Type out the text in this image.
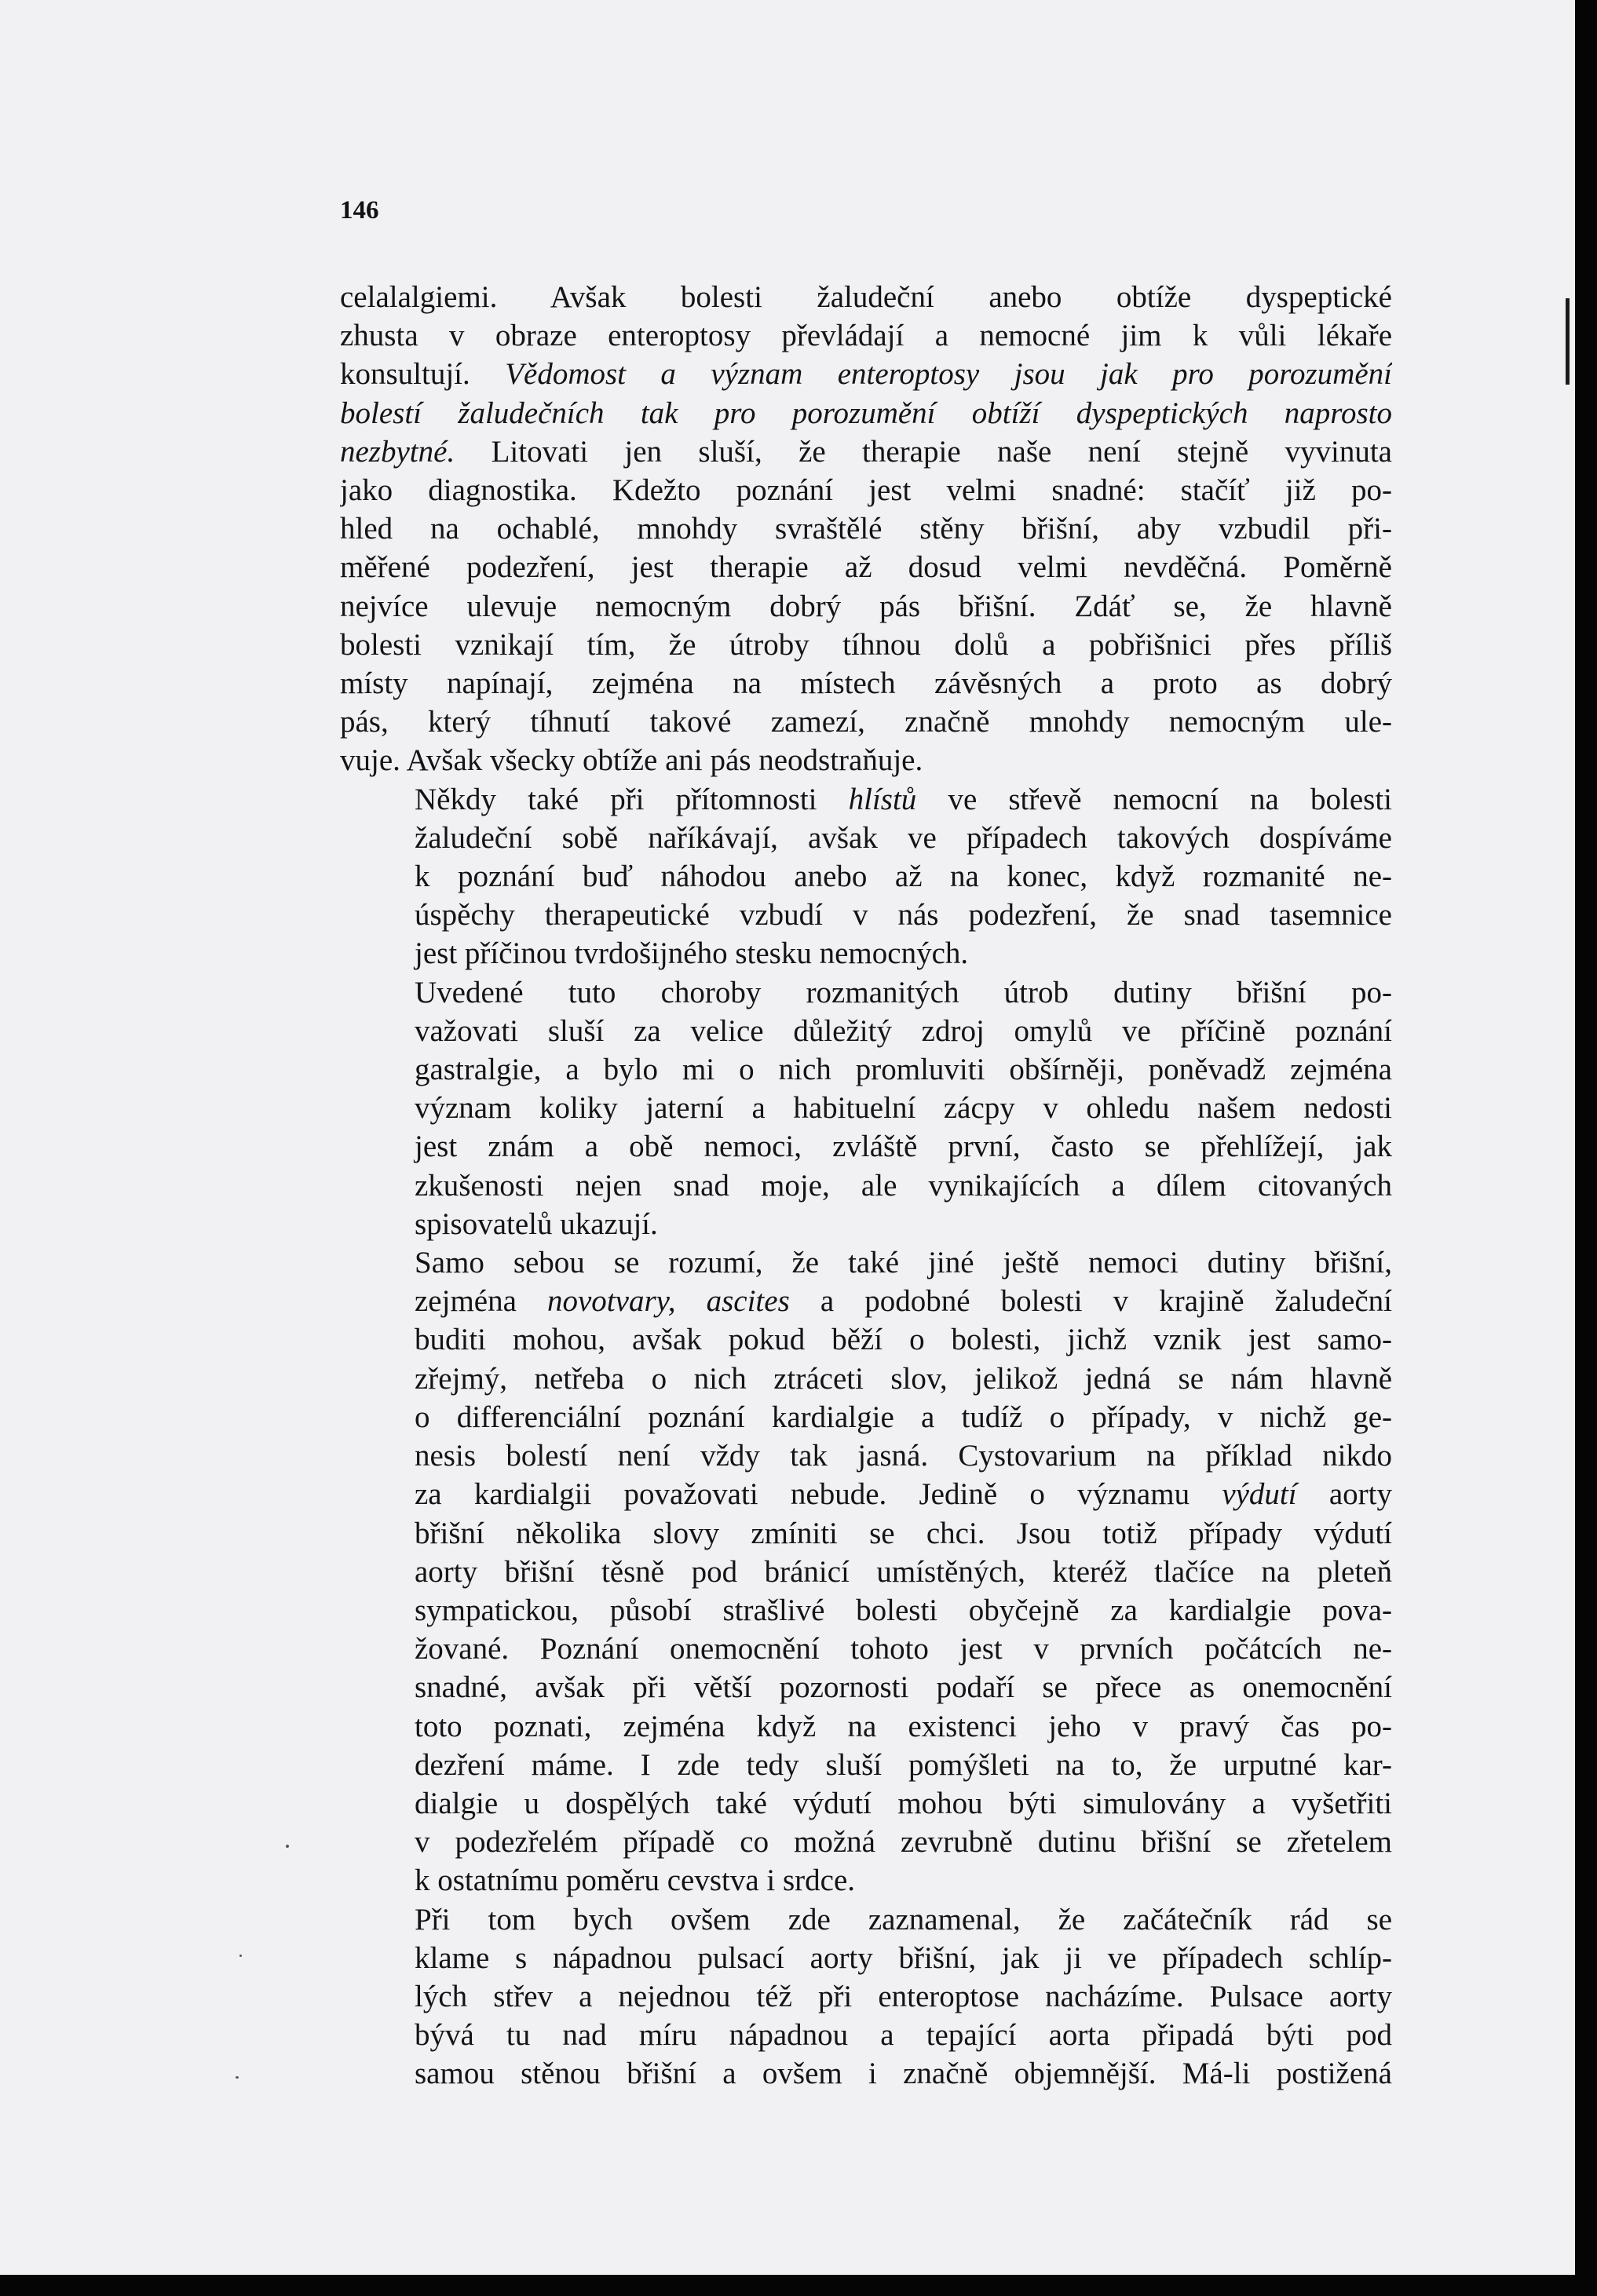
146

celalalgiemi. Avšak bolesti žaludeční anebo obtíže dyspeptické
zhusta v obraze enteroptosy převládají a nemocné jim k vůli lékaře
konsultují. Vědomost a význam enteroptosy jsou jak pro porozumění
bolestí žaludečních tak pro porozumění obtíží dyspeptických naprosto
nezbytné. Litovati jen sluší, že therapie naše není stejně vyvinuta
jako diagnostika. Kdežto poznání jest velmi snadné: stačíť již po-
hled na ochablé, mnohdy svraštělé stěny břišní, aby vzbudil při-
měřené podezření, jest therapie až dosud velmi nevděčná. Poměrně
nejvíce ulevuje nemocným dobrý pás břišní. Zdáť se, že hlavně
bolesti vznikají tím, že útroby tíhnou dolů a pobřišnici přes příliš
místy napínají, zejména na místech závěsných a proto as dobrý
pás, který tíhnutí takové zamezí, značně mnohdy nemocným ule-
vuje. Avšak všecky obtíže ani pás neodstraňuje.

Někdy také při přítomnosti hlístů ve střevě nemocní na bolesti
žaludeční sobě naříkávají, avšak ve případech takových dospíváme
k poznání buď náhodou anebo až na konec, když rozmanité ne-
úspěchy therapeutické vzbudí v nás podezření, že snad tasemnice
jest příčinou tvrdošijného stesku nemocných.

Uvedené tuto choroby rozmanitých útrob dutiny břišní po-
važovati sluší za velice důležitý zdroj omylů ve příčině poznání
gastralgie, a bylo mi o nich promluviti obšírněji, poněvadž zejména
význam koliky jaterní a habituelní zácpy v ohledu našem nedosti
jest znám a obě nemoci, zvláště první, často se přehlížejí, jak
zkušenosti nejen snad moje, ale vynikajících a dílem citovaných
spisovatelů ukazují.

Samo sebou se rozumí, že také jiné ještě nemoci dutiny břišní,
zejména novotvary, ascites a podobné bolesti v krajině žaludeční
buditi mohou, avšak pokud běží o bolesti, jichž vznik jest samo-
zřejmý, netřeba o nich ztráceti slov, jelikož jedná se nám hlavně
o differenciální poznání kardialgie a tudíž o případy, v nichž ge-
nesis bolestí není vždy tak jasná. Cystovarium na příklad nikdo
za kardialgii považovati nebude. Jedině o významu výdutí aorty
břišní několika slovy zmíniti se chci. Jsou totiž případy výdutí
aorty břišní těsně pod bránicí umístěných, kteréž tlačíce na pleteň
sympatickou, působí strašlivé bolesti obyčejně za kardialgie pova-
žované. Poznání onemocnění tohoto jest v prvních počátcích ne-
snadné, avšak při větší pozornosti podaří se přece as onemocnění
toto poznati, zejména když na existenci jeho v pravý čas po-
dezření máme. I zde tedy sluší pomýšleti na to, že urputné kar-
dialgie u dospělých také výdutí mohou býti simulovány a vyšetřiti
v podezřelém případě co možná zevrubně dutinu břišní se zřetelem
k ostatnímu poměru cevstva i srdce.

Při tom bych ovšem zde zaznamenal, že začátečník rád se
klame s nápadnou pulsací aorty břišní, jak ji ve případech schlíp-
lých střev a nejednou též při enteroptose nacházíme. Pulsace aorty
bývá tu nad míru nápadnou a tepající aorta připadá býti pod
samou stěnou břišní a ovšem i značně objemnější. Má-li postižená
